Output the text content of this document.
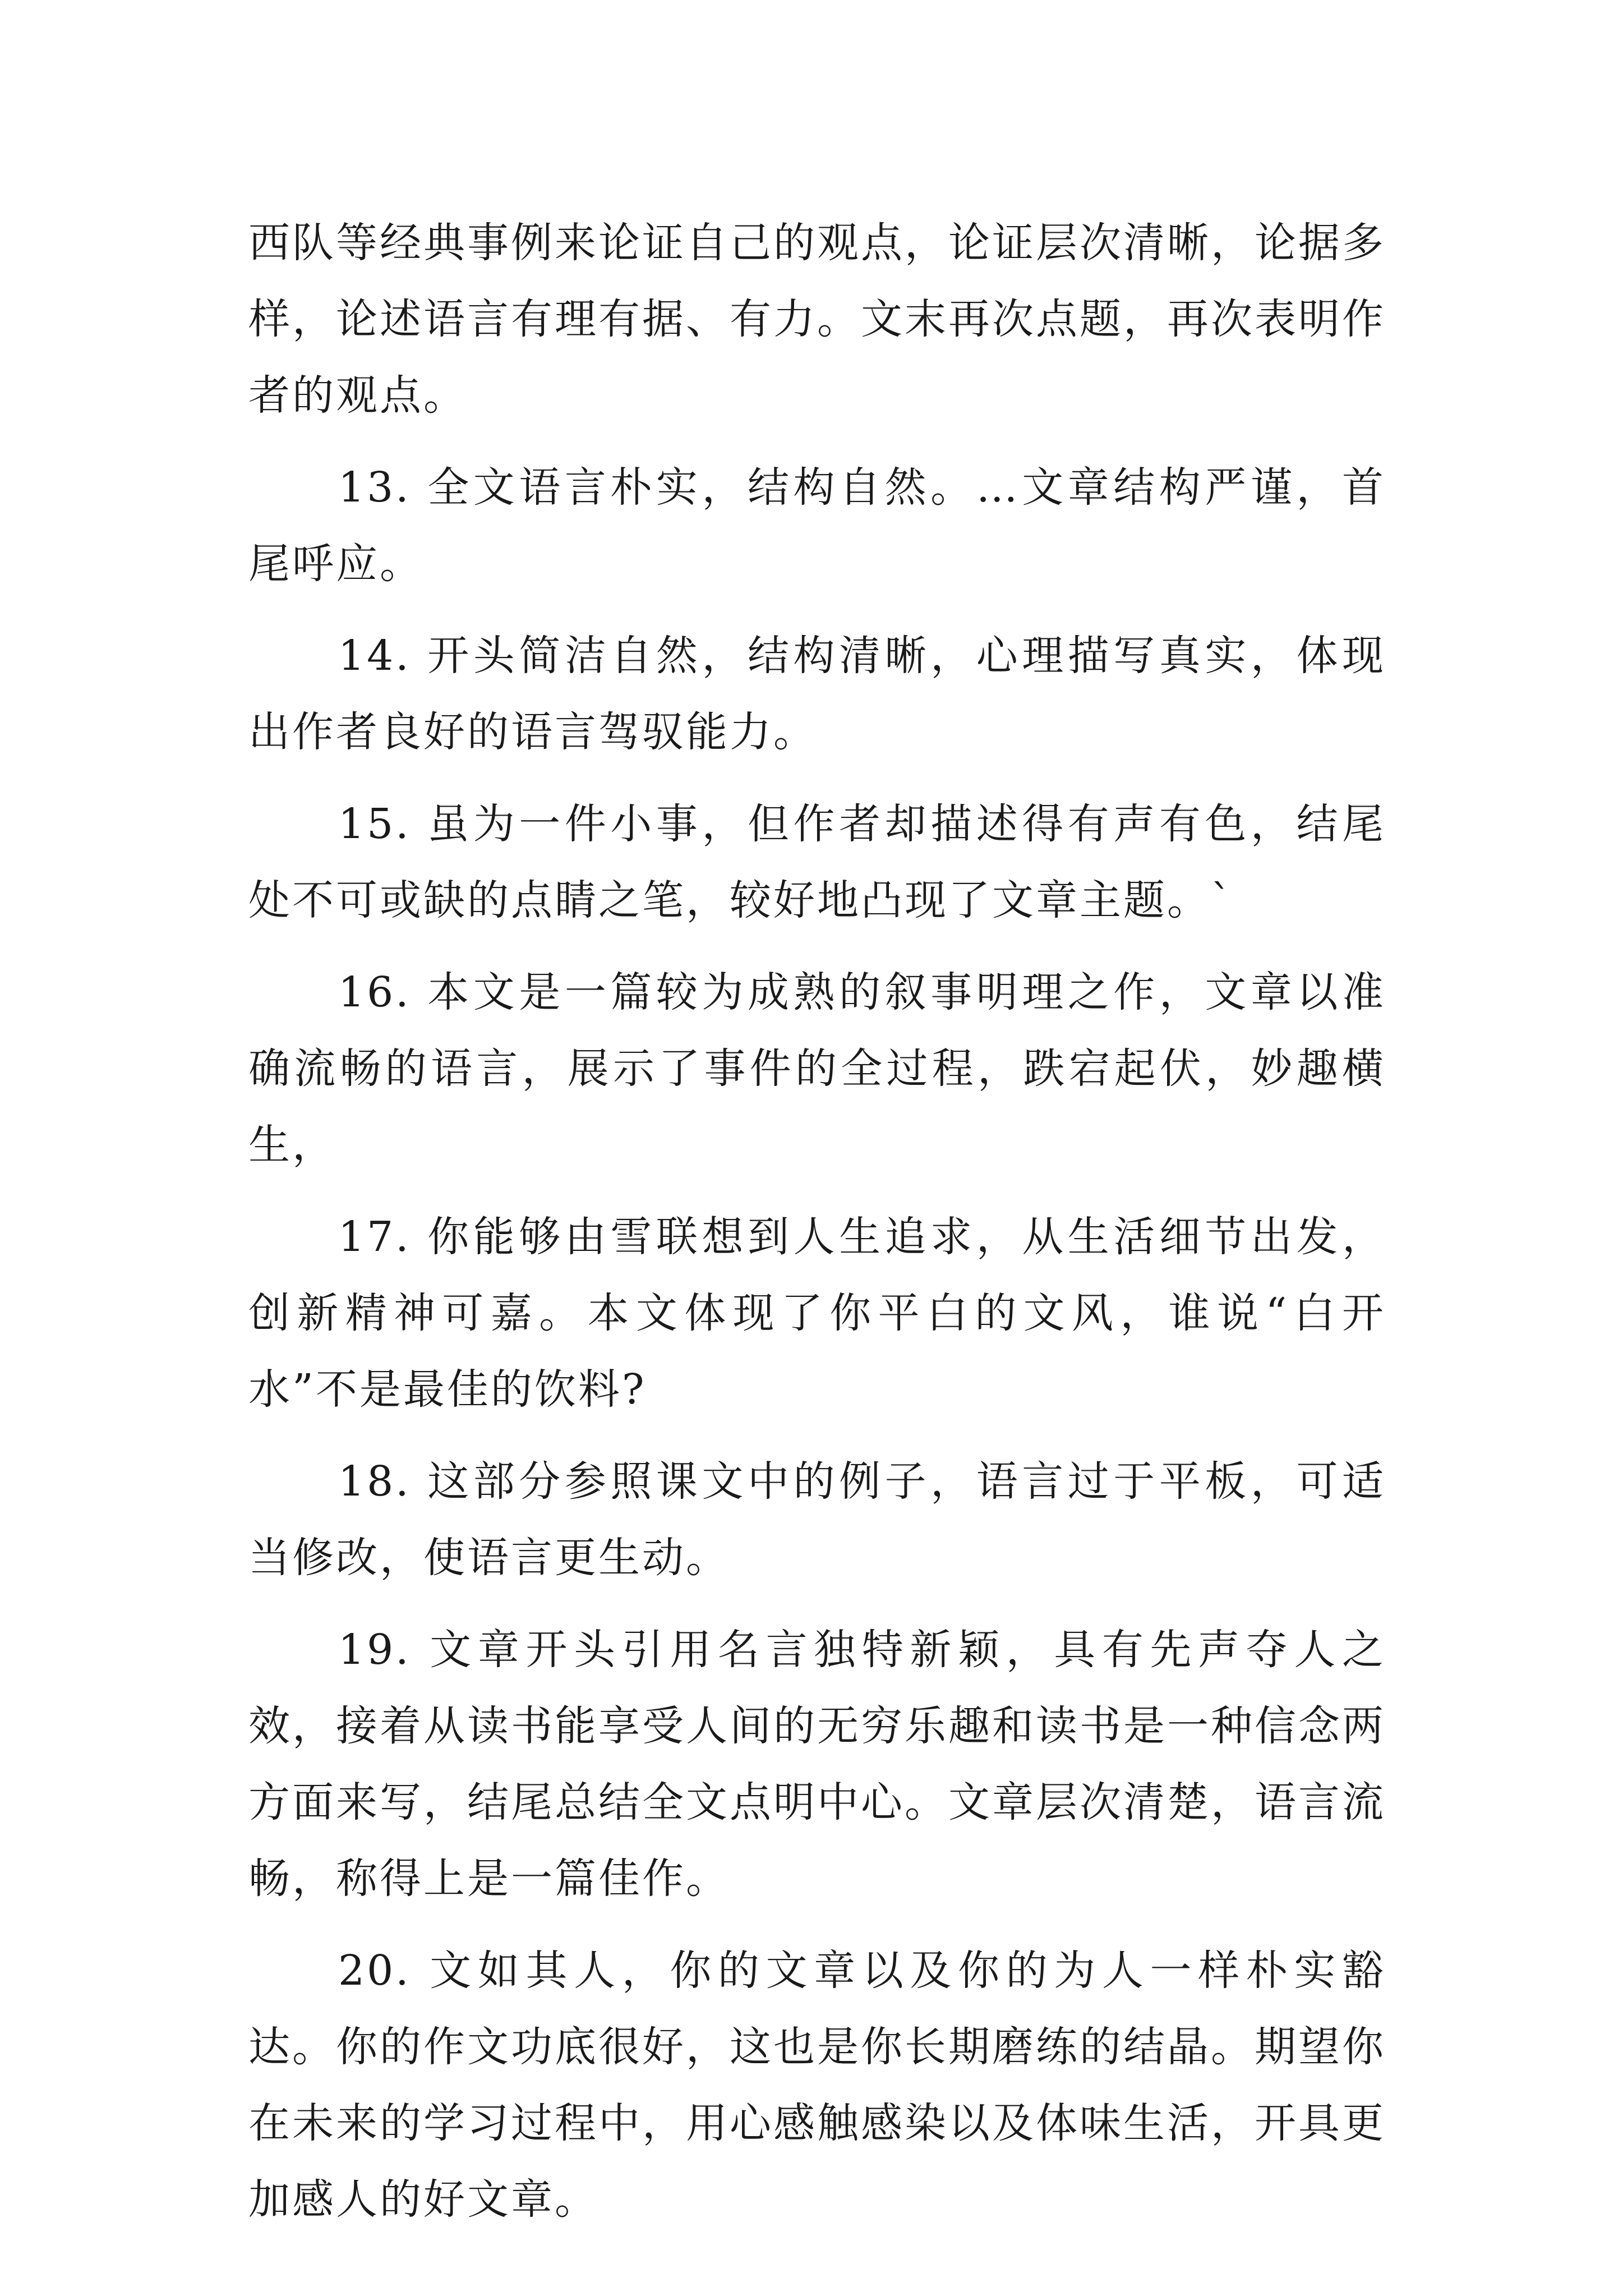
西队等经典事例来论证自己的观点，论证层次清晰，论据多样，论述语言有理有据、有力。文末再次点题，再次表明作者的观点。

13. 全文语言朴实，结构自然。…文章结构严谨，首尾呼应。

14. 开头简洁自然，结构清晰，心理描写真实，体现出作者良好的语言驾驭能力。

15. 虽为一件小事，但作者却描述得有声有色，结尾处不可或缺的点睛之笔，较好地凸现了文章主题。`

16. 本文是一篇较为成熟的叙事明理之作，文章以准确流畅的语言，展示了事件的全过程，跌宕起伏，妙趣横生，

17. 你能够由雪联想到人生追求，从生活细节出发，创新精神可嘉。本文体现了你平白的文风，谁说“白开水”不是最佳的饮料?

18. 这部分参照课文中的例子，语言过于平板，可适当修改，使语言更生动。

19. 文章开头引用名言独特新颖，具有先声夺人之效，接着从读书能享受人间的无穷乐趣和读书是一种信念两方面来写，结尾总结全文点明中心。文章层次清楚，语言流畅，称得上是一篇佳作。

20. 文如其人，你的文章以及你的为人一样朴实豁达。你的作文功底很好，这也是你长期磨练的结晶。期望你在未来的学习过程中，用心感触感染以及体味生活，开具更加感人的好文章。
